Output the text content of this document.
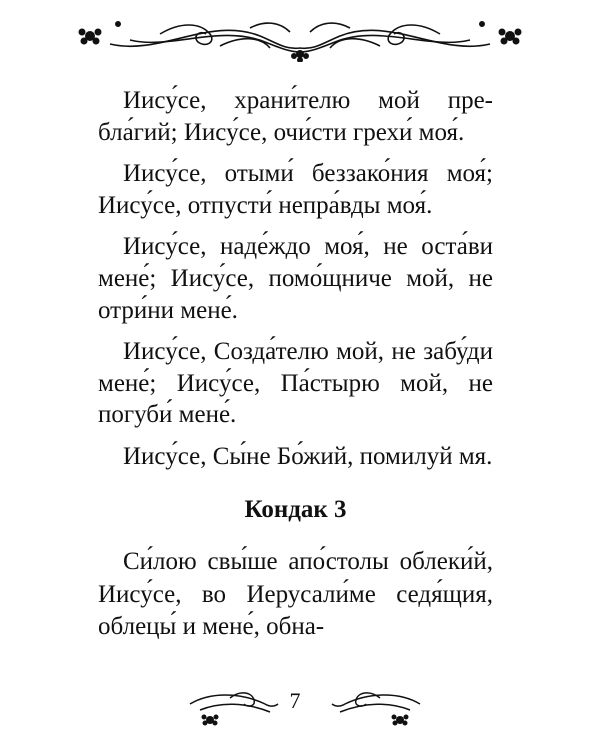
Иису́се, храни́телю мой пребла́гий; Иису́се, очи́сти грехи́ моя́.

Иису́се, отыми́ беззако́ния моя́; Иису́се, отпусти́ непра́вды моя́.

Иису́се, наде́ждо моя́, не оста́ви мене́; Иису́се, помо́щниче мой, не отри́ни мене́.

Иису́се, Созда́телю мой, не забу́ди мене́; Иису́се, Па́стырю мой, не погуби́ мене́.

Иису́се, Сы́не Бо́жий, помилуй мя.

Кондак 3

Си́лою свы́ше апо́столы облеки́й, Иису́се, во Иерусали́ме седя́щия, облецы́ и мене́, обна-

7
